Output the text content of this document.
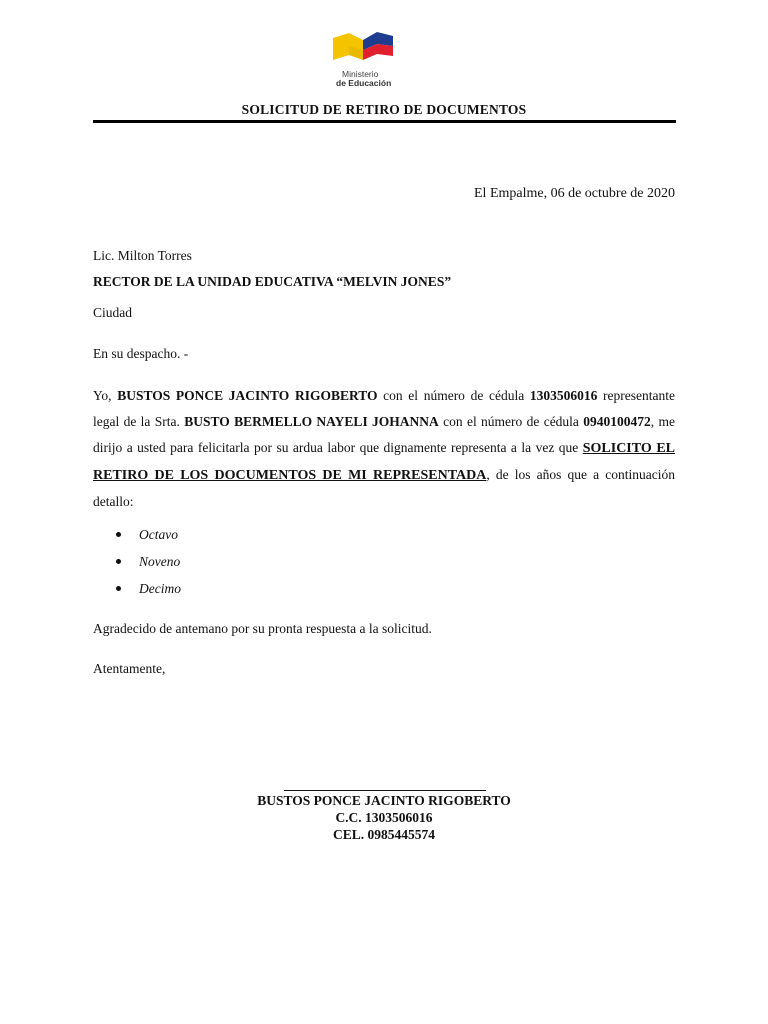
Ministerio
de Educación
SOLICITUD DE RETIRO DE DOCUMENTOS
El Empalme, 06 de octubre de 2020
Lic. Milton Torres
RECTOR DE LA UNIDAD EDUCATIVA “MELVIN JONES”
Ciudad
En su despacho. -
Yo, BUSTOS PONCE JACINTO RIGOBERTO con el número de cédula 1303506016 representante legal de la Srta. BUSTO BERMELLO NAYELI JOHANNA con el número de cédula 0940100472, me dirijo a usted para felicitarla por su ardua labor que dignamente representa a la vez que SOLICITO EL RETIRO DE LOS DOCUMENTOS DE MI REPRESENTADA, de los años que a continuación detallo:
Octavo
Noveno
Decimo
Agradecido de antemano por su pronta respuesta a la solicitud.
Atentamente,
BUSTOS PONCE JACINTO RIGOBERTO
C.C. 1303506016
CEL. 0985445574
